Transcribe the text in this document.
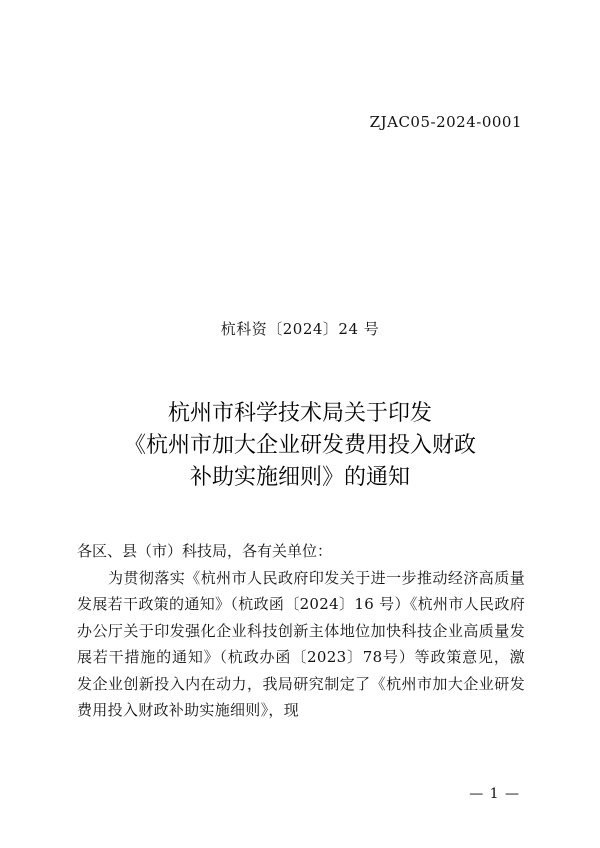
ZJAC05-2024-0001
杭科资〔2024〕24 号
杭州市科学技术局关于印发
《杭州市加大企业研发费用投入财政
补助实施细则》的通知

各区、县（市）科技局，各有关单位：

为贯彻落实《杭州市人民政府印发关于进一步推动经济高质量发展若干政策的通知》（杭政函〔2024〕16 号）《杭州市人民政府办公厅关于印发强化企业科技创新主体地位加快科技企业高质量发展若干措施的通知》（杭政办函〔2023〕78号）等政策意见，激发企业创新投入内在动力，我局研究制定了《杭州市加大企业研发费用投入财政补助实施细则》，现

— 1 —
